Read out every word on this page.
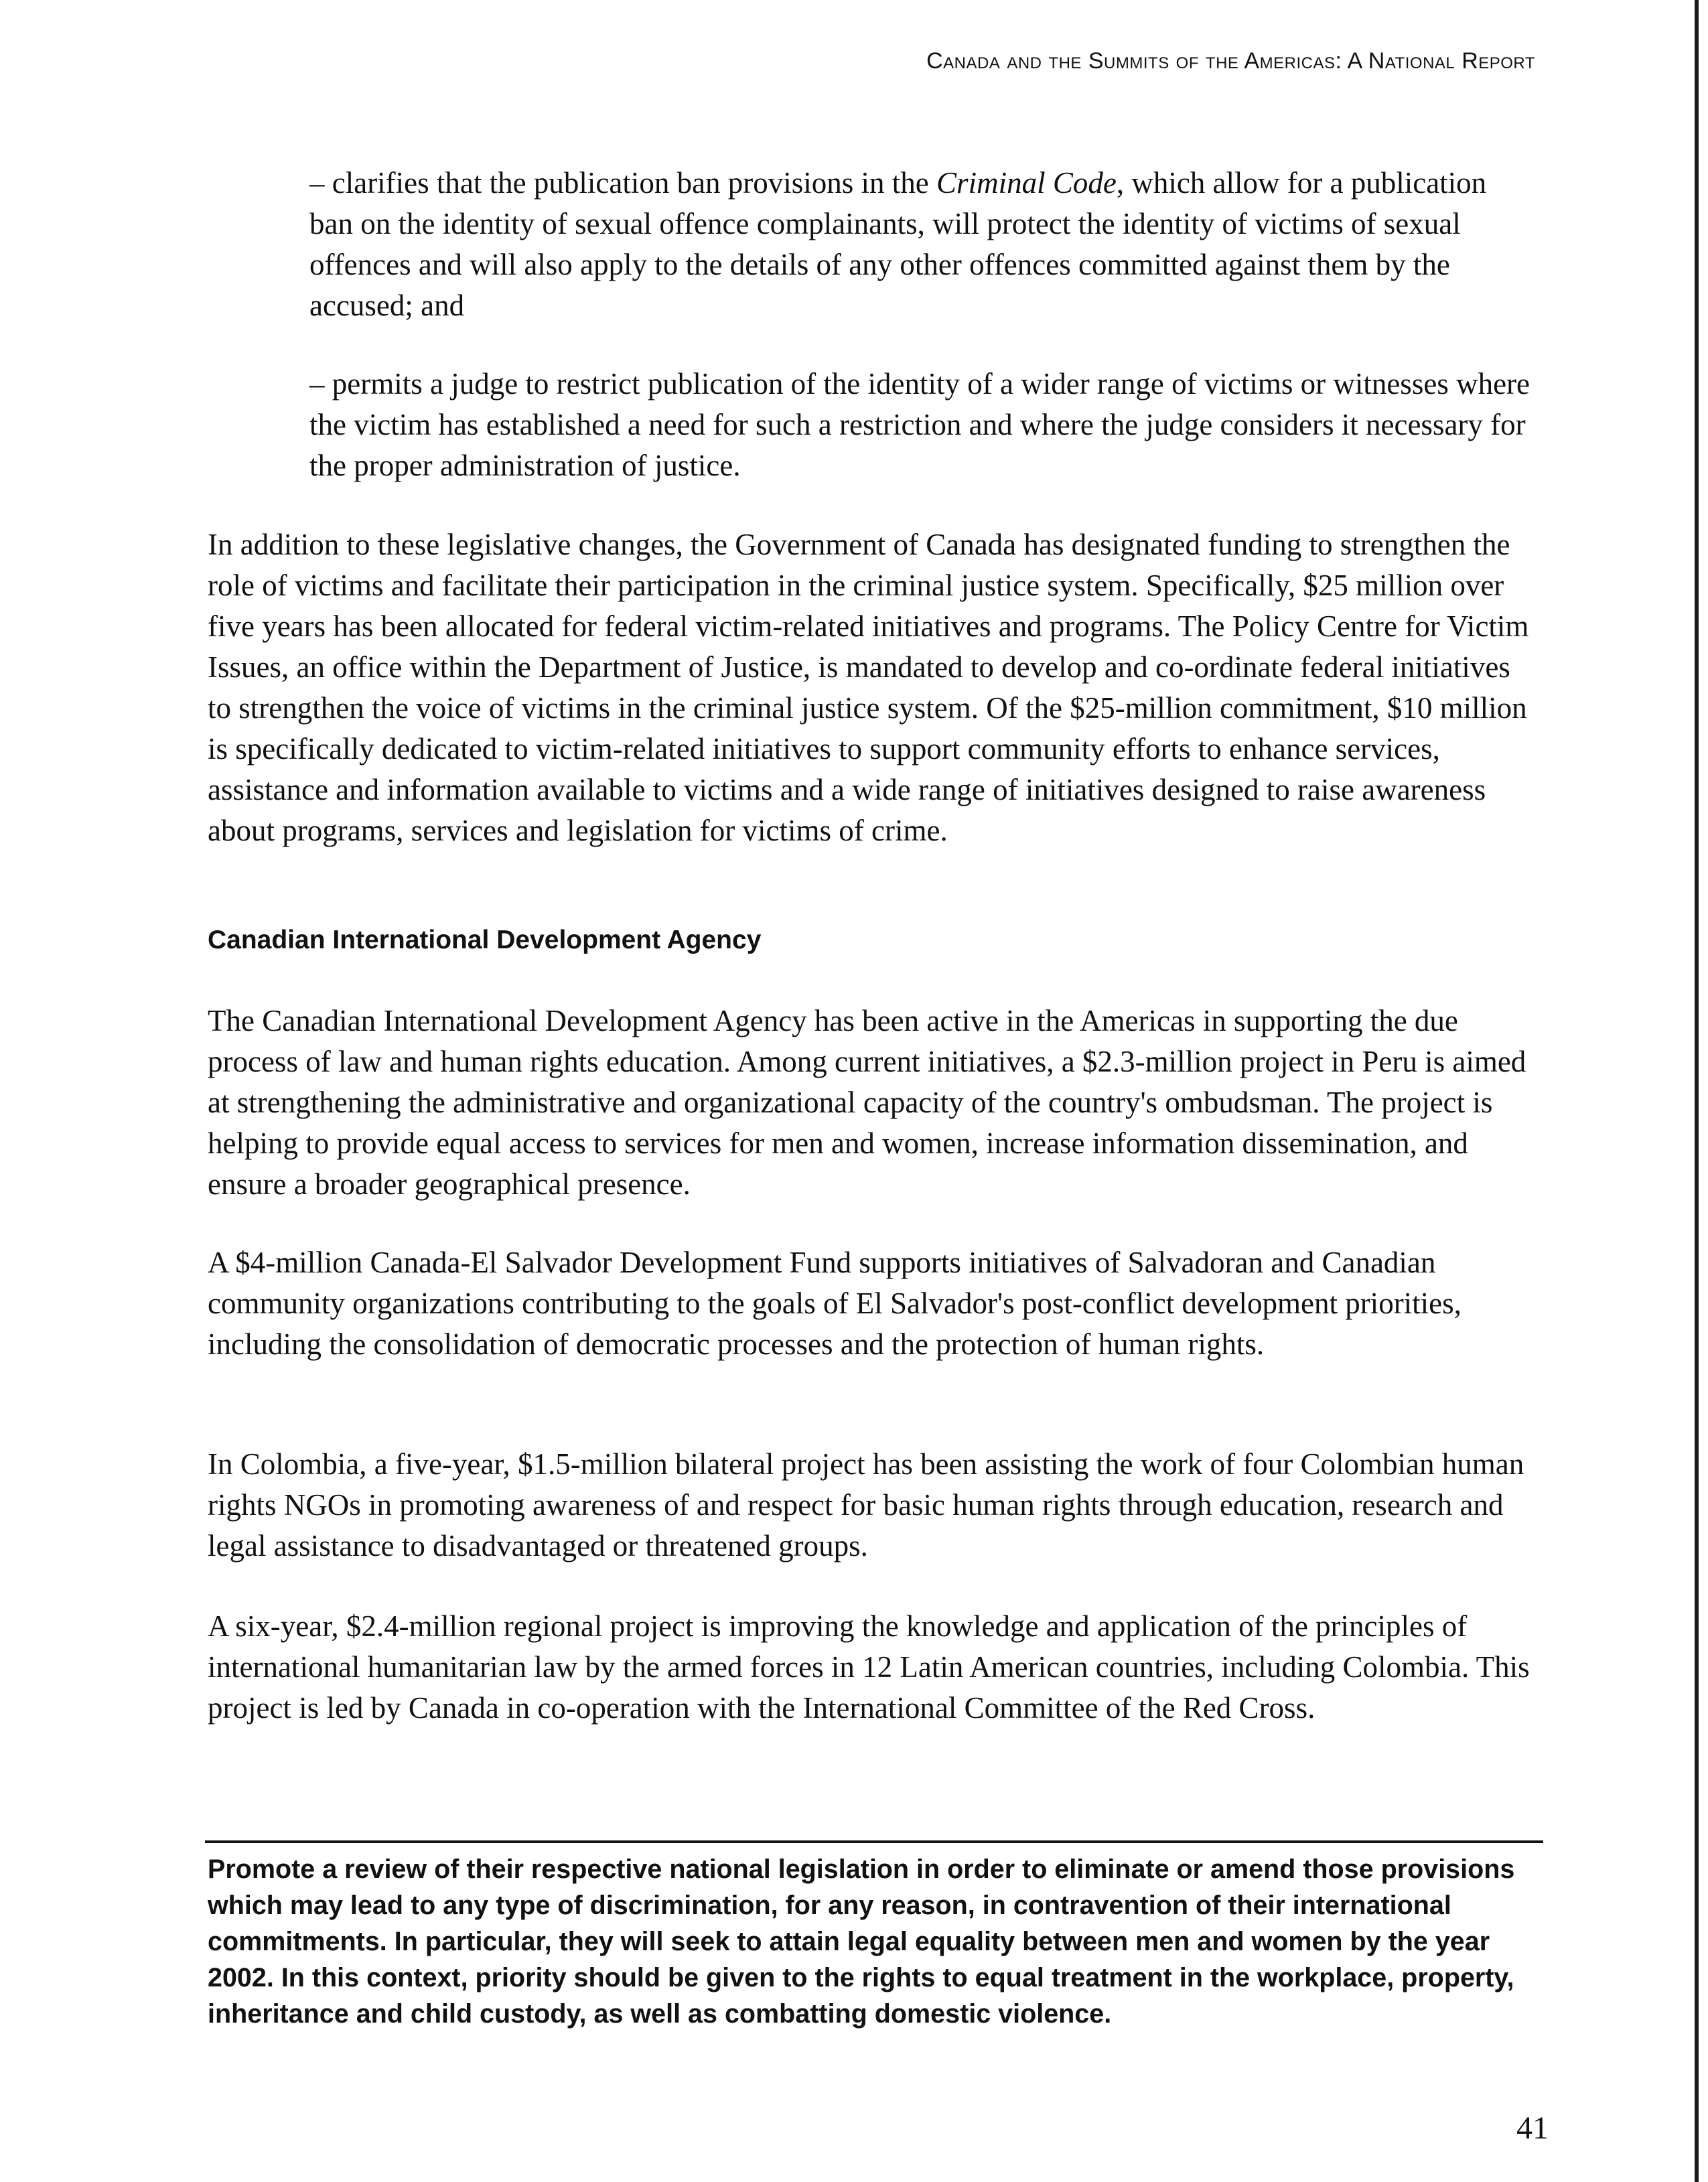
Canada and the Summits of the Americas: A National Report

– clarifies that the publication ban provisions in the Criminal Code, which allow for a publication ban on the identity of sexual offence complainants, will protect the identity of victims of sexual offences and will also apply to the details of any other offences committed against them by the accused; and

– permits a judge to restrict publication of the identity of a wider range of victims or witnesses where the victim has established a need for such a restriction and where the judge considers it necessary for the proper administration of justice.

In addition to these legislative changes, the Government of Canada has designated funding to strengthen the role of victims and facilitate their participation in the criminal justice system. Specifically, $25 million over five years has been allocated for federal victim-related initiatives and programs. The Policy Centre for Victim Issues, an office within the Department of Justice, is mandated to develop and co-ordinate federal initiatives to strengthen the voice of victims in the criminal justice system. Of the $25-million commitment, $10 million is specifically dedicated to victim-related initiatives to support community efforts to enhance services, assistance and information available to victims and a wide range of initiatives designed to raise awareness about programs, services and legislation for victims of crime.

Canadian International Development Agency

The Canadian International Development Agency has been active in the Americas in supporting the due process of law and human rights education. Among current initiatives, a $2.3-million project in Peru is aimed at strengthening the administrative and organizational capacity of the country's ombudsman. The project is helping to provide equal access to services for men and women, increase information dissemination, and ensure a broader geographical presence.

A $4-million Canada-El Salvador Development Fund supports initiatives of Salvadoran and Canadian community organizations contributing to the goals of El Salvador's post-conflict development priorities, including the consolidation of democratic processes and the protection of human rights.

In Colombia, a five-year, $1.5-million bilateral project has been assisting the work of four Colombian human rights NGOs in promoting awareness of and respect for basic human rights through education, research and legal assistance to disadvantaged or threatened groups.

A six-year, $2.4-million regional project is improving the knowledge and application of the principles of international humanitarian law by the armed forces in 12 Latin American countries, including Colombia. This project is led by Canada in co-operation with the International Committee of the Red Cross.

Promote a review of their respective national legislation in order to eliminate or amend those provisions which may lead to any type of discrimination, for any reason, in contravention of their international commitments. In particular, they will seek to attain legal equality between men and women by the year 2002. In this context, priority should be given to the rights to equal treatment in the workplace, property, inheritance and child custody, as well as combatting domestic violence.

41
